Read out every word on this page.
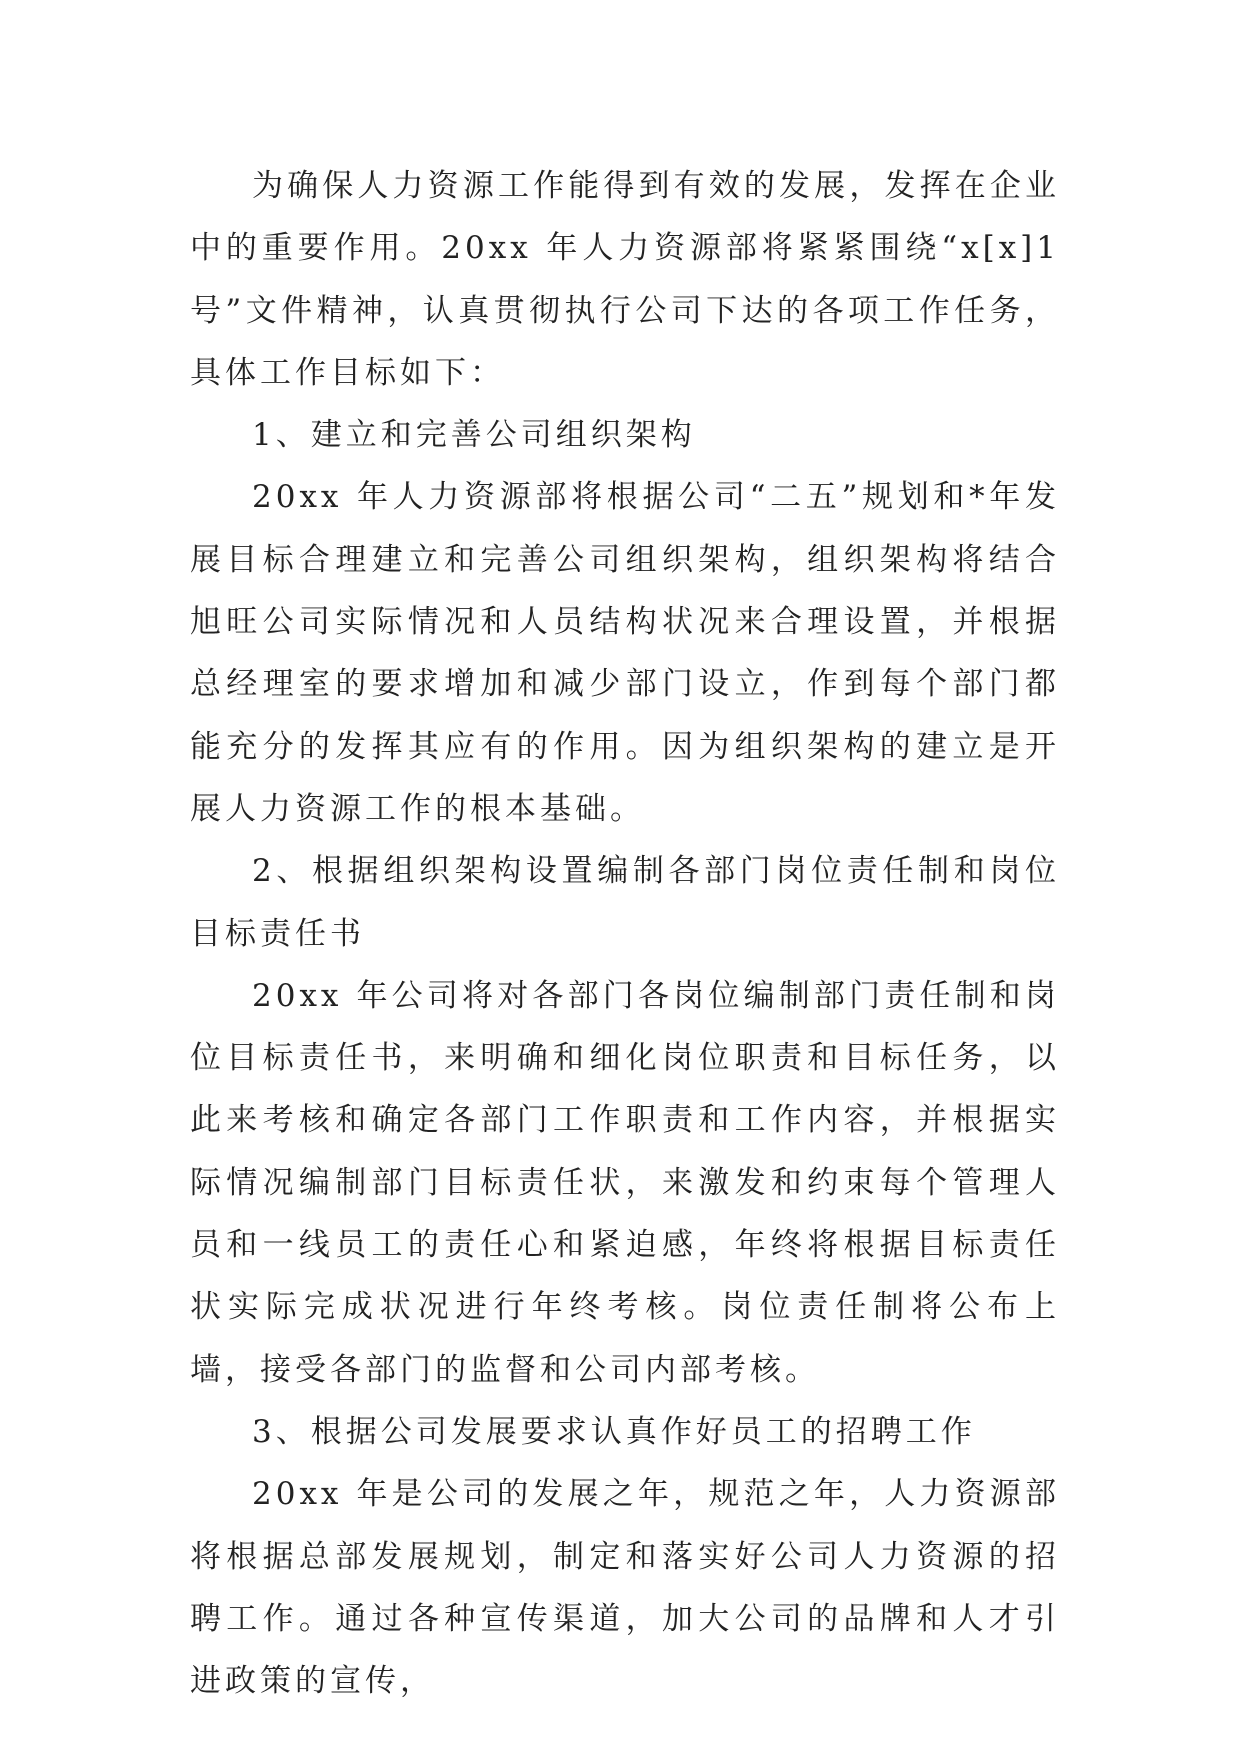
为确保人力资源工作能得到有效的发展，发挥在企业中的重要作用。20xx 年人力资源部将紧紧围绕“x[x]1 号”文件精神，认真贯彻执行公司下达的各项工作任务，具体工作目标如下：

1、建立和完善公司组织架构

20xx 年人力资源部将根据公司“二五”规划和*年发展目标合理建立和完善公司组织架构，组织架构将结合旭旺公司实际情况和人员结构状况来合理设置，并根据总经理室的要求增加和减少部门设立，作到每个部门都能充分的发挥其应有的作用。因为组织架构的建立是开展人力资源工作的根本基础。

2、根据组织架构设置编制各部门岗位责任制和岗位目标责任书

20xx 年公司将对各部门各岗位编制部门责任制和岗位目标责任书，来明确和细化岗位职责和目标任务，以此来考核和确定各部门工作职责和工作内容，并根据实际情况编制部门目标责任状，来激发和约束每个管理人员和一线员工的责任心和紧迫感，年终将根据目标责任状实际完成状况进行年终考核。岗位责任制将公布上墙，接受各部门的监督和公司内部考核。

3、根据公司发展要求认真作好员工的招聘工作

20xx 年是公司的发展之年，规范之年，人力资源部将根据总部发展规划，制定和落实好公司人力资源的招聘工作。通过各种宣传渠道，加大公司的品牌和人才引进政策的宣传，
